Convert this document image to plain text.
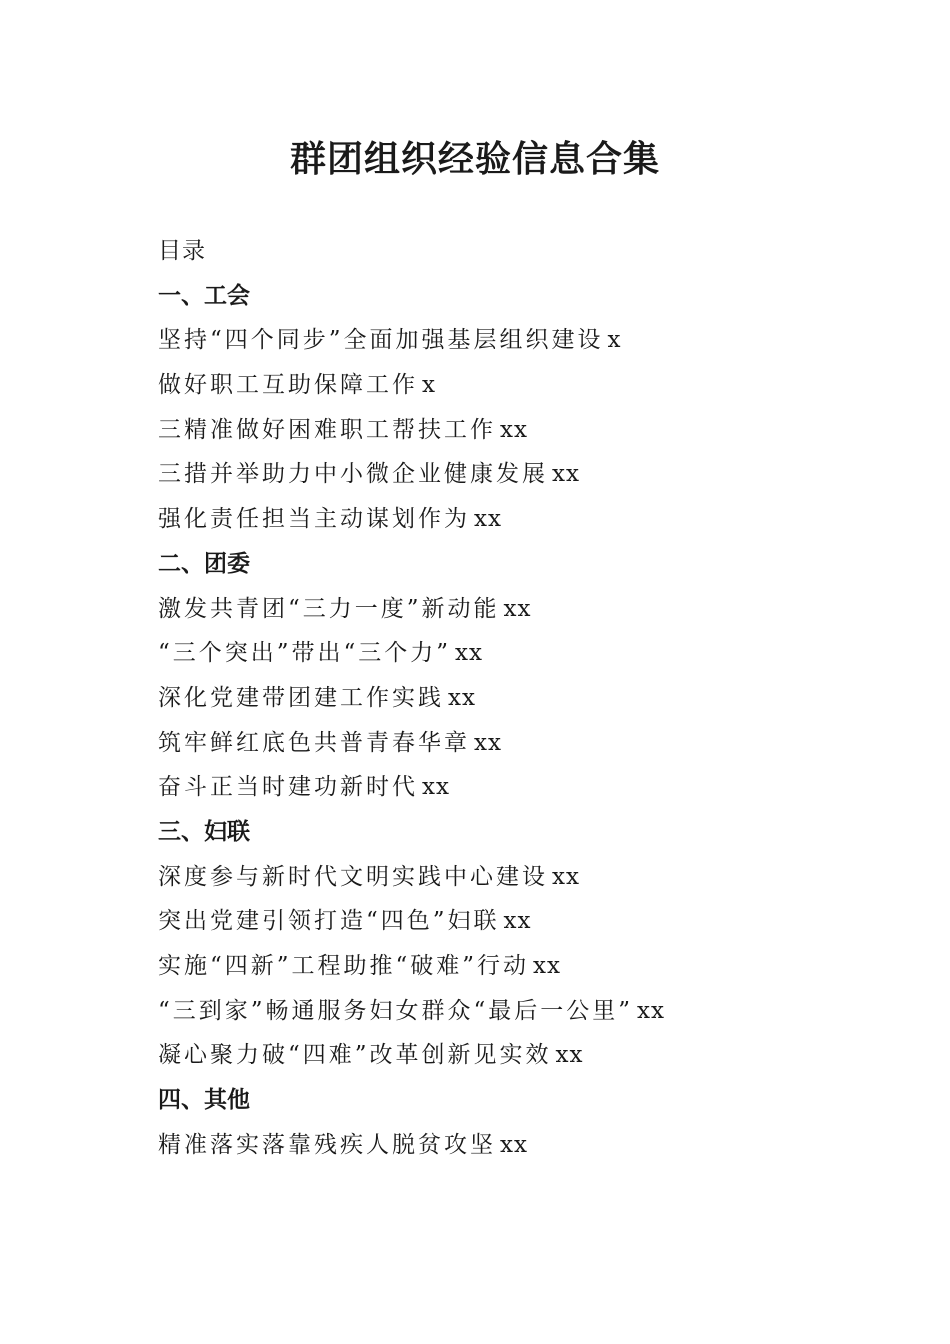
群团组织经验信息合集
目录
一、工会
坚持“四个同步”全面加强基层组织建设 x
做好职工互助保障工作 x
三精准做好困难职工帮扶工作 xx
三措并举助力中小微企业健康发展 xx
强化责任担当主动谋划作为 xx
二、团委
激发共青团“三力一度”新动能 xx
“三个突出”带出“三个力” xx
深化党建带团建工作实践 xx
筑牢鲜红底色共普青春华章 xx
奋斗正当时建功新时代 xx
三、妇联
深度参与新时代文明实践中心建设 xx
突出党建引领打造“四色”妇联 xx
实施“四新”工程助推“破难”行动 xx
“三到家”畅通服务妇女群众“最后一公里” xx
凝心聚力破“四难”改革创新见实效 xx
四、其他
精准落实落靠残疾人脱贫攻坚 xx
